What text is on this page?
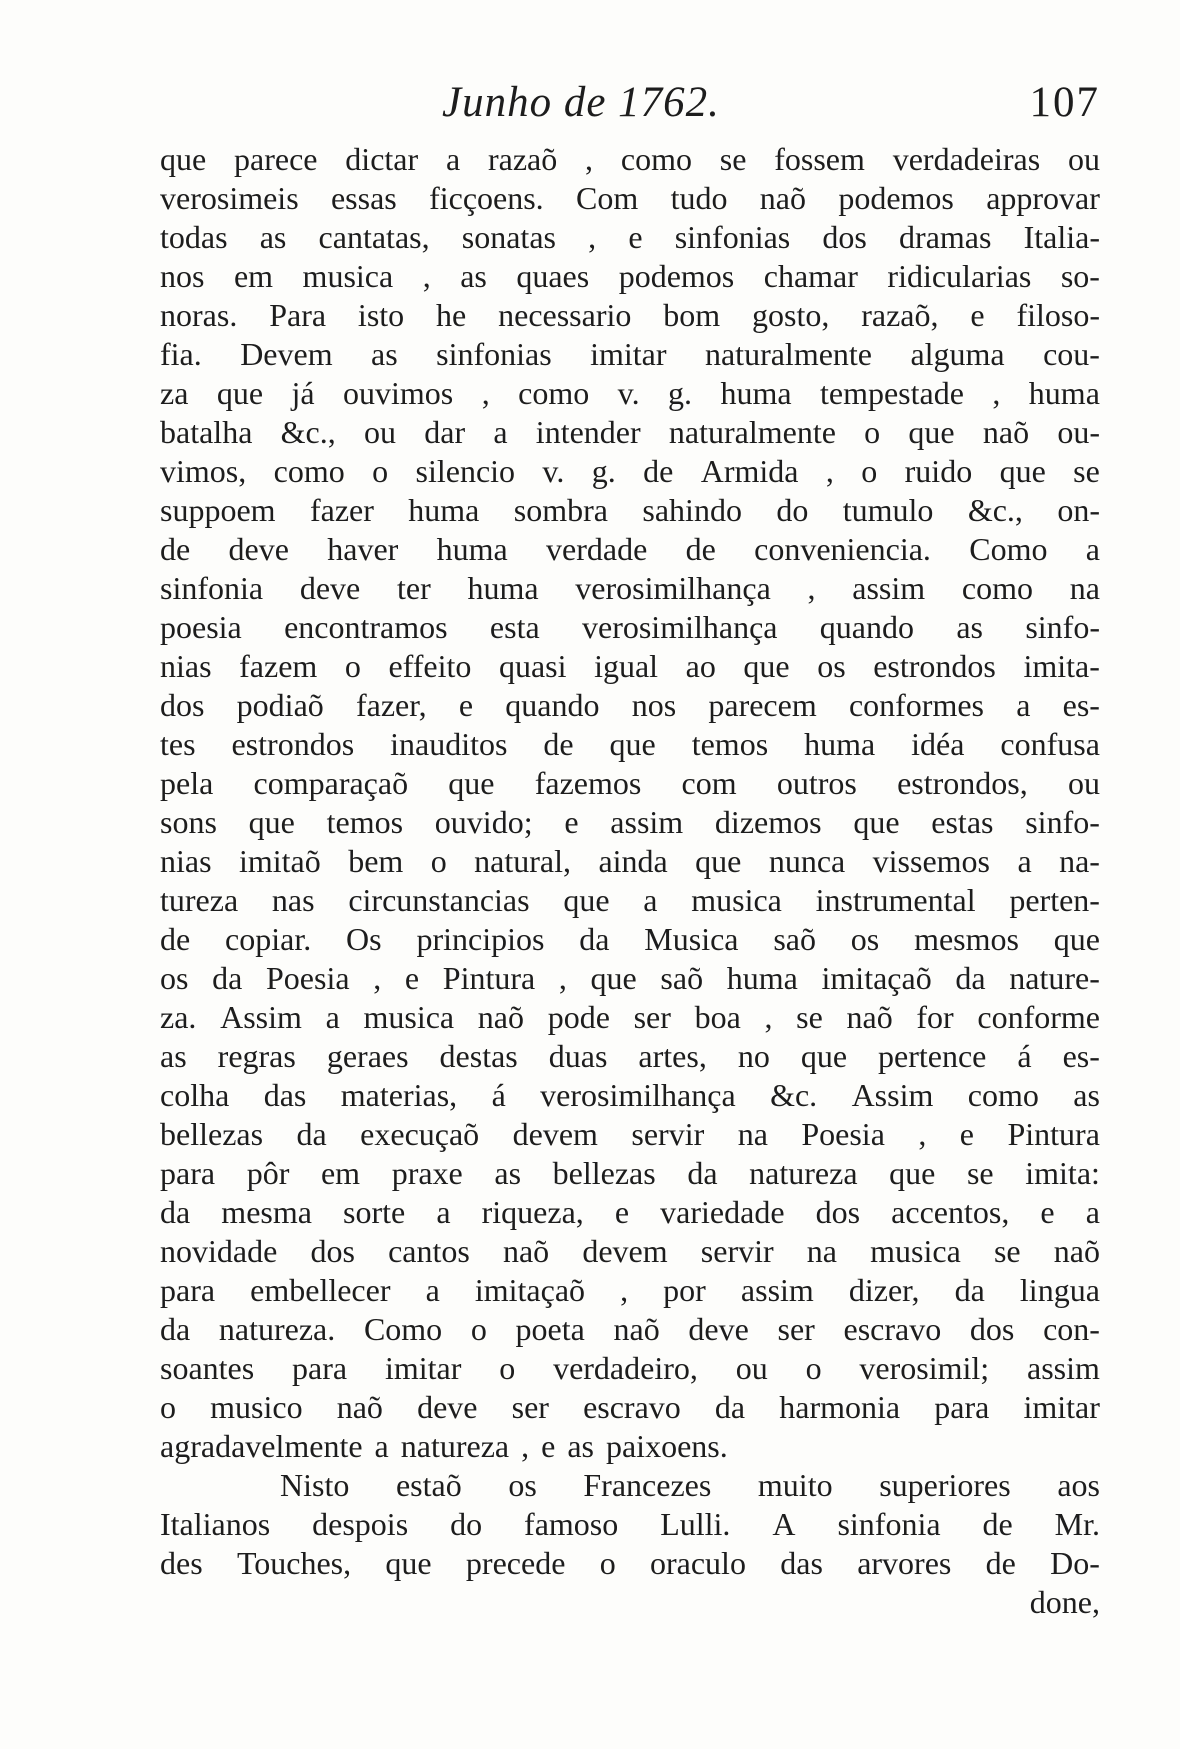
Junho de 1762.	107
que parece dictar a razaõ , como se fossem verdadeiras ou
verosimeis essas ficçoens. Com tudo naõ podemos approvar
todas as cantatas, sonatas , e sinfonias dos dramas Italia-
nos em musica , as quaes podemos chamar ridicularias so-
noras. Para isto he necessario bom gosto, razaõ, e filoso-
fia. Devem as sinfonias imitar naturalmente alguma cou-
za que já ouvimos , como v. g. huma tempestade , huma
batalha &c., ou dar a intender naturalmente o que naõ ou-
vimos, como o silencio v. g. de Armida , o ruido que se
suppoem fazer huma sombra sahindo do tumulo &c., on-
de deve haver huma verdade de conveniencia. Como a
sinfonia deve ter huma verosimilhança , assim como na
poesia encontramos esta verosimilhança quando as sinfo-
nias fazem o effeito quasi igual ao que os estrondos imita-
dos podiaõ fazer, e quando nos parecem conformes a es-
tes estrondos inauditos de que temos huma idéa confusa
pela comparaçaõ que fazemos com outros estrondos, ou
sons que temos ouvido; e assim dizemos que estas sinfo-
nias imitaõ bem o natural, ainda que nunca vissemos a na-
tureza nas circunstancias que a musica instrumental perten-
de copiar. Os principios da Musica saõ os mesmos que
os da Poesia , e Pintura , que saõ huma imitaçaõ da nature-
za. Assim a musica naõ pode ser boa , se naõ for conforme
as regras geraes destas duas artes, no que pertence á es-
colha das materias, á verosimilhança &c. Assim como as
bellezas da execuçaõ devem servir na Poesia , e Pintura
para pôr em praxe as bellezas da natureza que se imita:
da mesma sorte a riqueza, e variedade dos accentos, e a
novidade dos cantos naõ devem servir na musica se naõ
para embellecer a imitaçaõ , por assim dizer, da lingua
da natureza. Como o poeta naõ deve ser escravo dos con-
soantes para imitar o verdadeiro, ou o verosimil; assim
o musico naõ deve ser escravo da harmonia para imitar
agradavelmente a natureza , e as paixoens.
Nisto estaõ os Francezes muito superiores aos
Italianos despois do famoso Lulli. A sinfonia de Mr.
des Touches, que precede o oraculo das arvores de Do-
done ,
